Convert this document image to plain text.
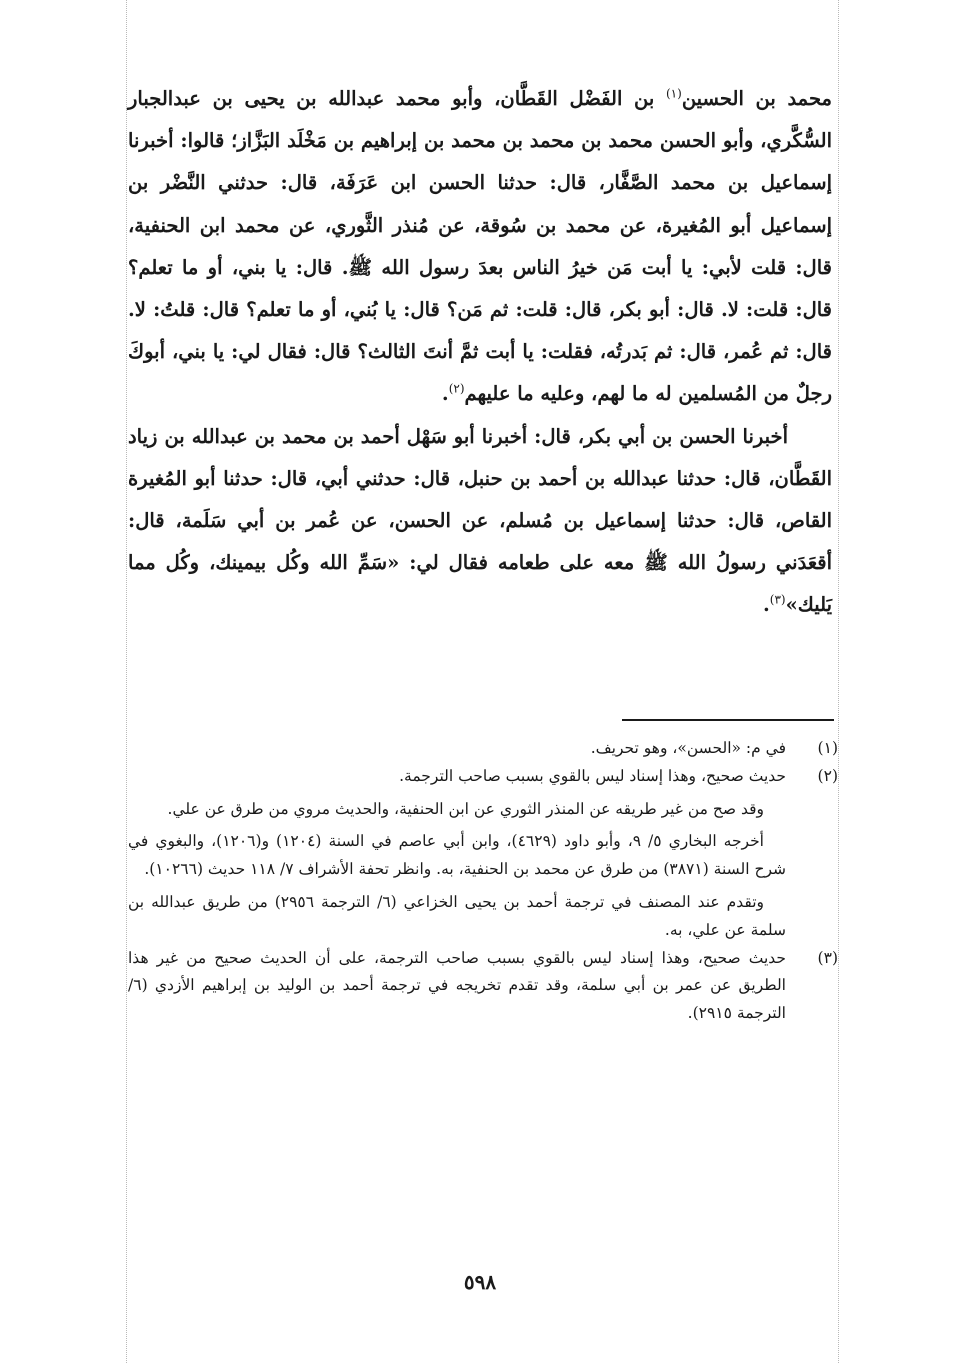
محمد بن الحسين$^{(١)}$ بن الفَضْل القَطَّان، وأبو محمد عبدالله بن يحيى بن عبدالجبار السُّكَّري، وأبو الحسن محمد بن محمد بن محمد بن إبراهيم بن مَخْلَد البَزَّاز؛ قالوا: أخبرنا إسماعيل بن محمد الصَّفَّار، قال: حدثنا الحسن ابن عَرَفَة، قال: حدثني النَّضْر بن إسماعيل أبو المُغيرة، عن محمد بن سُوقة، عن مُنذر الثَّوري، عن محمد ابن الحنفية، قال: قلت لأبي: يا أبت مَن خيرُ الناس بعدَ رسول الله ﷺ. قال: يا بني، أو ما تعلم؟ قال: قلت: لا. قال: أبو بكر، قال: قلت: ثم مَن؟ قال: يا بُني، أو ما تعلم؟ قال: قلتُ: لا. قال: ثم عُمر، قال: ثم بَدرتُه، فقلت: يا أبت ثمَّ أنتَ الثالث؟ قال: فقال لي: يا بني، أبوكَ رجلٌ من المُسلمين له ما لهم، وعليه ما عليهم$^{(٢)}$.

أخبرنا الحسن بن أبي بكر، قال: أخبرنا أبو سَهْل أحمد بن محمد بن عبدالله بن زياد القَطَّان، قال: حدثنا عبدالله بن أحمد بن حنبل، قال: حدثني أبي، قال: حدثنا أبو المُغيرة القاص، قال: حدثنا إسماعيل بن مُسلم، عن الحسن، عن عُمر بن أبي سَلَمة، قال: أقعَدَني رسولُ الله ﷺ معه على طعامه فقال لي: «سَمِّ الله وكُل بيمينك، وكُل مما يَليك»$^{(٣)}$.

(١)

في م: «الحسن»، وهو تحريف.

(٢)

حديث صحيح، وهذا إسناد ليس بالقوي بسبب صاحب الترجمة.

وقد صح من غير طريقه عن المنذر الثوري عن ابن الحنفية، والحديث مروي من طرق عن علي.

أخرجه البخاري ٥/ ٩، وأبو داود (٤٦٢٩)، وابن أبي عاصم في السنة (١٢٠٤) و(١٢٠٦)، والبغوي في شرح السنة (٣٨٧١) من طرق عن محمد بن الحنفية، به. وانظر تحفة الأشراف ٧/ ١١٨ حديث (١٠٢٦٦).

وتقدم عند المصنف في ترجمة أحمد بن يحيى الخزاعي (٦/ الترجمة ٢٩٥٦) من طريق عبدالله بن سلمة عن علي، به.

(٣)

حديث صحيح، وهذا إسناد ليس بالقوي بسبب صاحب الترجمة، على أن الحديث صحيح من غير هذا الطريق عن عمر بن أبي سلمة، وقد تقدم تخريجه في ترجمة أحمد بن الوليد بن إبراهيم الأزدي (٦/ الترجمة ٢٩١٥).

٥٩٨
